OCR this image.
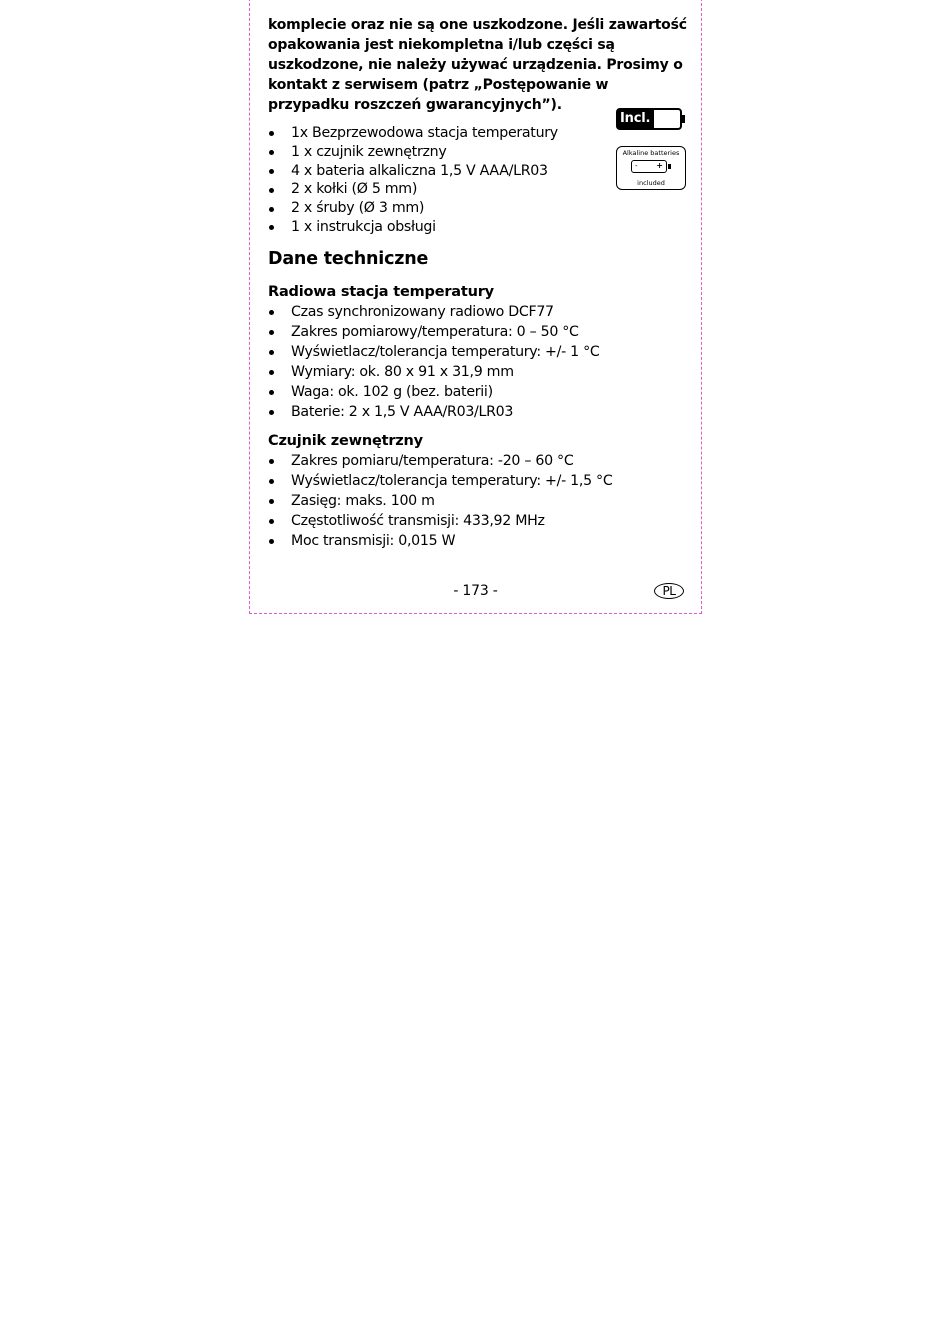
komplecie oraz nie są one uszkodzone. Jeśli zawartość opakowania jest niekompletna i/lub części są uszkodzone, nie należy używać urządzenia. Prosimy o kontakt z serwisem (patrz „Postępowanie w przypadku roszczeń gwarancyjnych”).

1x Bezprzewodowa stacja temperatury
1 x czujnik zewnętrzny
4 x bateria alkaliczna 1,5 V AAA/LR03
2 x kołki (Ø 5 mm)
2 x śruby (Ø 3 mm)
1 x instrukcja obsługi
Dane techniczne
Radiowa stacja temperatury
Czas synchronizowany radiowo DCF77
Zakres pomiarowy/temperatura: 0 – 50 °C
Wyświetlacz/tolerancja temperatury: +/- 1 °C
Wymiary: ok. 80 x 91 x 31,9 mm
Waga: ok. 102 g (bez. baterii)
Baterie: 2 x 1,5 V AAA/R03/LR03
Czujnik zewnętrzny
Zakres pomiaru/temperatura: -20 – 60 °C
Wyświetlacz/tolerancja temperatury: +/- 1,5 °C
Zasięg: maks. 100 m
Częstotliwość transmisji: 433,92 MHz
Moc transmisji: 0,015 W
Incl.
Alkaline batteries
- +
included
- 173 -	PL
